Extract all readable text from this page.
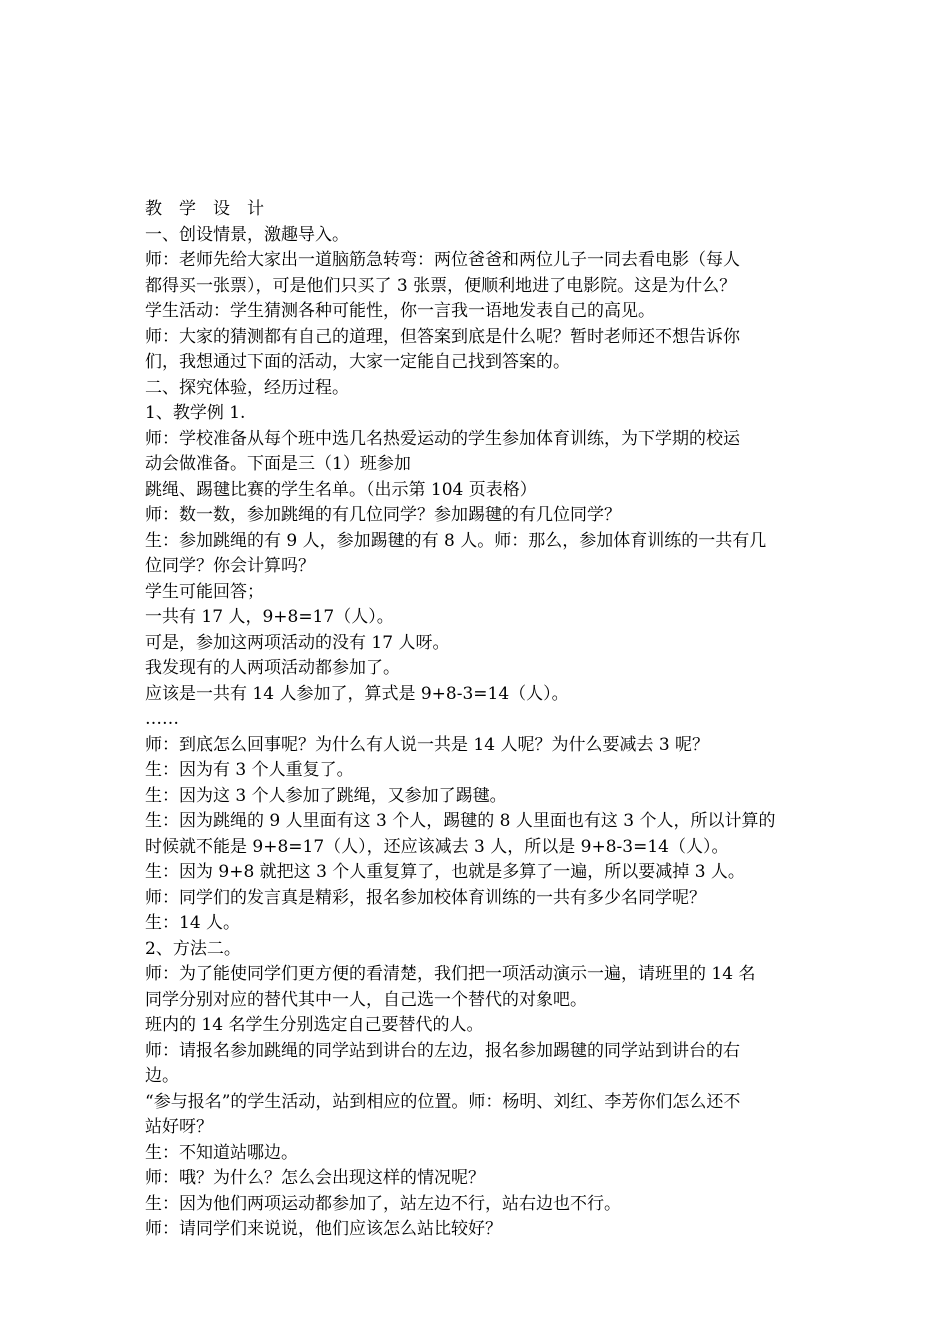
教　学　设　计
一、创设情景，激趣导入。
师：老师先给大家出一道脑筋急转弯：两位爸爸和两位儿子一同去看电影（每人
都得买一张票），可是他们只买了 3 张票，便顺利地进了电影院。这是为什么？
学生活动：学生猜测各种可能性，你一言我一语地发表自己的高见。
师：大家的猜测都有自己的道理，但答案到底是什么呢？暂时老师还不想告诉你
们，我想通过下面的活动，大家一定能自己找到答案的。
二、探究体验，经历过程。
1、教学例 1.
师：学校准备从每个班中选几名热爱运动的学生参加体育训练，为下学期的校运
动会做准备。下面是三（1）班参加
跳绳、踢毽比赛的学生名单。（出示第 104 页表格）
师：数一数，参加跳绳的有几位同学？参加踢毽的有几位同学？
生：参加跳绳的有 9 人，参加踢毽的有 8 人。师：那么，参加体育训练的一共有几
位同学？你会计算吗？
学生可能回答；
一共有 17 人，9+8=17（人）。
可是，参加这两项活动的没有 17 人呀。
我发现有的人两项活动都参加了。
应该是一共有 14 人参加了，算式是 9+8-3=14（人）。
……
师：到底怎么回事呢？为什么有人说一共是 14 人呢？为什么要减去 3 呢？
生：因为有 3 个人重复了。
生：因为这 3 个人参加了跳绳，又参加了踢毽。
生：因为跳绳的 9 人里面有这 3 个人，踢毽的 8 人里面也有这 3 个人，所以计算的
时候就不能是 9+8=17（人），还应该减去 3 人，所以是 9+8-3=14（人）。
生：因为 9+8 就把这 3 个人重复算了，也就是多算了一遍，所以要减掉 3 人。
师：同学们的发言真是精彩，报名参加校体育训练的一共有多少名同学呢？
生：14 人。
2、方法二。
师：为了能使同学们更方便的看清楚，我们把一项活动演示一遍，请班里的 14 名
同学分别对应的替代其中一人，自己选一个替代的对象吧。
班内的 14 名学生分别选定自己要替代的人。
师：请报名参加跳绳的同学站到讲台的左边，报名参加踢毽的同学站到讲台的右
边。
“参与报名”的学生活动，站到相应的位置。师：杨明、刘红、李芳你们怎么还不
站好呀？
生：不知道站哪边。
师：哦？为什么？怎么会出现这样的情况呢？
生：因为他们两项运动都参加了，站左边不行，站右边也不行。
师：请同学们来说说，他们应该怎么站比较好？
